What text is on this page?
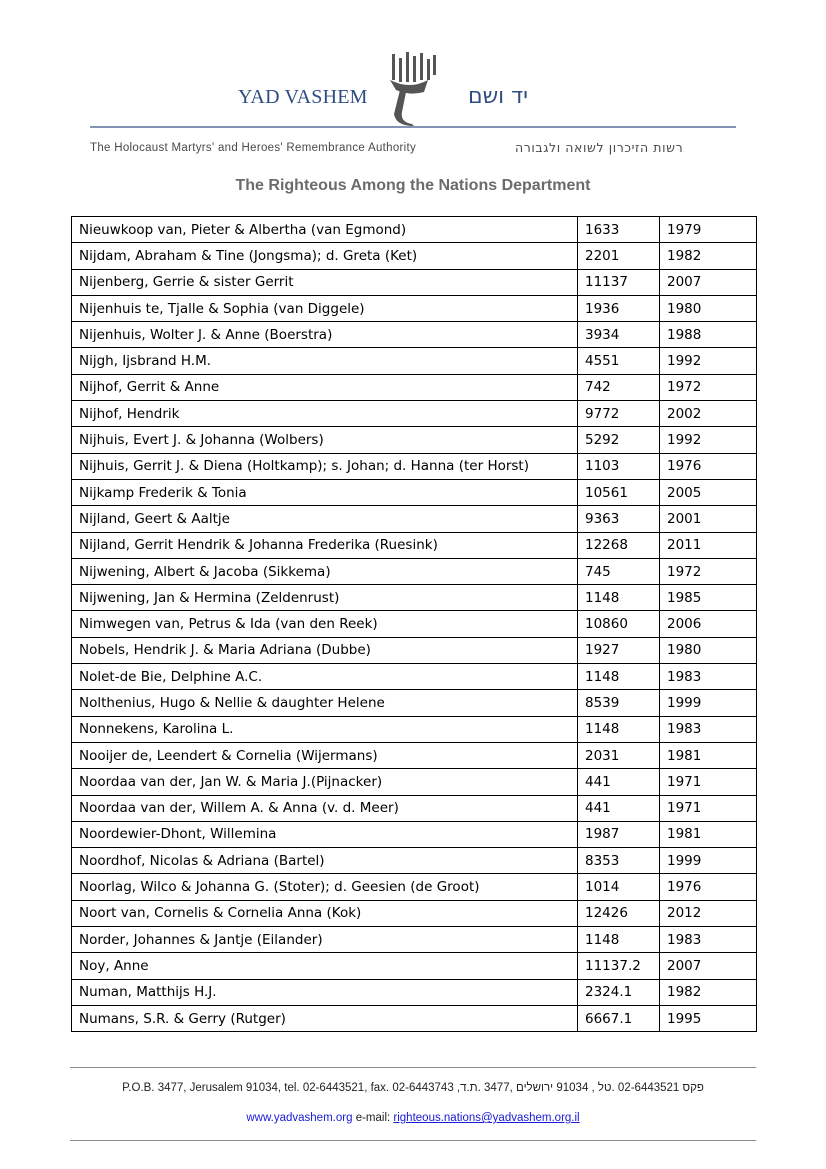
YAD VASHEM	יד ושם
The Holocaust Martyrs' and Heroes' Remembrance Authority	רשות הזיכרון לשואה ולגבורה
The Righteous Among the Nations Department
Nieuwkoop van, Pieter & Albertha (van Egmond)	1633	1979
Nijdam, Abraham & Tine (Jongsma); d. Greta (Ket)	2201	1982
Nijenberg, Gerrie & sister Gerrit	11137	2007
Nijenhuis te, Tjalle & Sophia (van Diggele)	1936	1980
Nijenhuis, Wolter J. & Anne (Boerstra)	3934	1988
Nijgh, Ijsbrand H.M.	4551	1992
Nijhof, Gerrit & Anne	742	1972
Nijhof, Hendrik	9772	2002
Nijhuis, Evert J. & Johanna (Wolbers)	5292	1992
Nijhuis, Gerrit J. & Diena (Holtkamp); s. Johan; d. Hanna (ter Horst)	1103	1976
Nijkamp Frederik & Tonia	10561	2005
Nijland, Geert & Aaltje	9363	2001
Nijland, Gerrit Hendrik & Johanna Frederika (Ruesink)	12268	2011
Nijwening, Albert & Jacoba (Sikkema)	745	1972
Nijwening, Jan & Hermina (Zeldenrust)	1148	1985
Nimwegen van, Petrus & Ida (van den Reek)	10860	2006
Nobels, Hendrik J. & Maria Adriana (Dubbe)	1927	1980
Nolet-de Bie, Delphine A.C.	1148	1983
Nolthenius, Hugo & Nellie & daughter Helene	8539	1999
Nonnekens, Karolina L.	1148	1983
Nooijer de, Leendert & Cornelia (Wijermans)	2031	1981
Noordaa van der, Jan W. & Maria J.(Pijnacker)	441	1971
Noordaa van der, Willem A. & Anna (v. d. Meer)	441	1971
Noordewier-Dhont, Willemina	1987	1981
Noordhof, Nicolas & Adriana (Bartel)	8353	1999
Noorlag, Wilco & Johanna G. (Stoter); d. Geesien (de Groot)	1014	1976
Noort van, Cornelis & Cornelia Anna (Kok)	12426	2012
Norder, Johannes & Jantje (Eilander)	1148	1983
Noy, Anne	11137.2	2007
Numan, Matthijs H.J.	2324.1	1982
Numans, S.R. & Gerry (Rutger)	6667.1	1995
P.O.B. 3477, Jerusalem 91034, tel. 02-6443521, fax. 02-6443743 ,פקס 02-6443521 .טל , 91034 ירושלים ,3477 .ת.ד
www.yadvashem.org e-mail: righteous.nations@yadvashem.org.il
